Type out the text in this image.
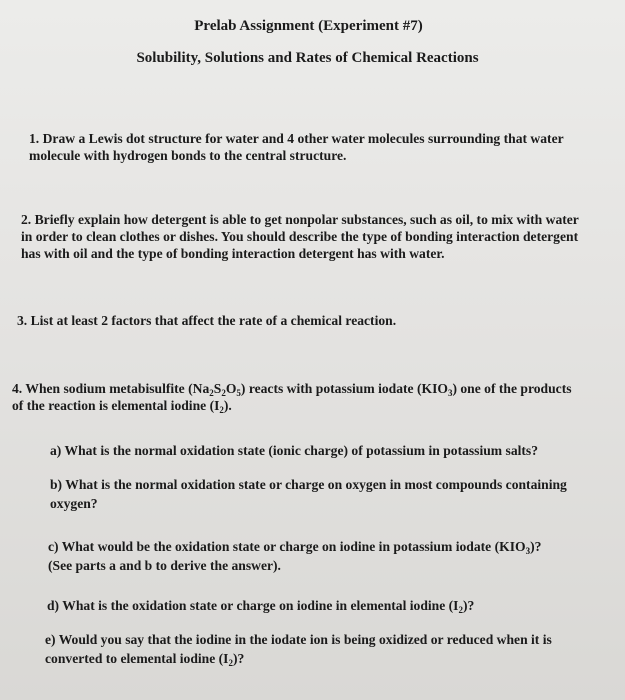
Prelab Assignment (Experiment #7)
Solubility, Solutions and Rates of Chemical Reactions
1. Draw a Lewis dot structure for water and 4 other water molecules surrounding that water
molecule with hydrogen bonds to the central structure.
2. Briefly explain how detergent is able to get nonpolar substances, such as oil, to mix with water
in order to clean clothes or dishes. You should describe the type of bonding interaction detergent
has with oil and the type of bonding interaction detergent has with water.
3. List at least 2 factors that affect the rate of a chemical reaction.
4. When sodium metabisulfite $(Na_2S_2O_5)$ reacts with potassium iodate $(KIO_3)$ one of the products
of the reaction is elemental iodine $(I_2)$.
a) What is the normal oxidation state (ionic charge) of potassium in potassium salts?
b) What is the normal oxidation state or charge on oxygen in most compounds containing
oxygen?
c) What would be the oxidation state or charge on iodine in potassium iodate $(KIO_3)$?
(See parts a and b to derive the answer).
d) What is the oxidation state or charge on iodine in elemental iodine $(I_2)$?
e) Would you say that the iodine in the iodate ion is being oxidized or reduced when it is
converted to elemental iodine $(I_2)$?
